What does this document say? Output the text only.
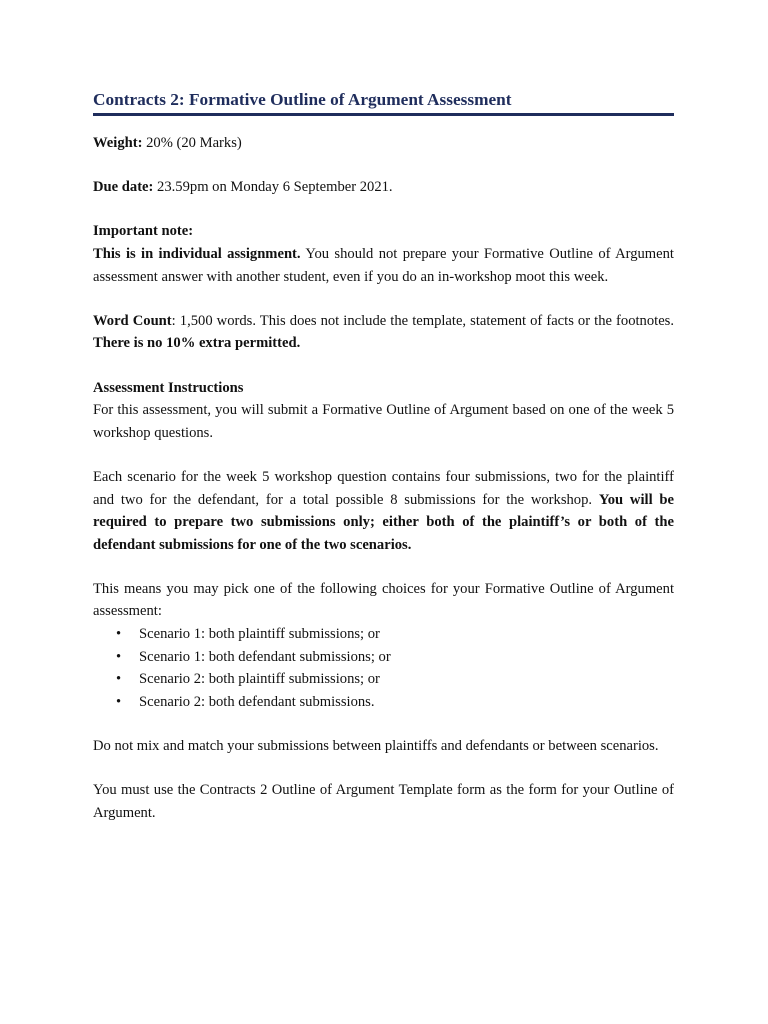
Contracts 2: Formative Outline of Argument Assessment

Weight: 20% (20 Marks)

Due date: 23.59pm on Monday 6 September 2021.

Important note:

This is in individual assignment. You should not prepare your Formative Outline of Argument assessment answer with another student, even if you do an in-workshop moot this week.

Word Count: 1,500 words. This does not include the template, statement of facts or the footnotes. There is no 10% extra permitted.

Assessment Instructions

For this assessment, you will submit a Formative Outline of Argument based on one of the week 5 workshop questions.

Each scenario for the week 5 workshop question contains four submissions, two for the plaintiff and two for the defendant, for a total possible 8 submissions for the workshop. You will be required to prepare two submissions only; either both of the plaintiff’s or both of the defendant submissions for one of the two scenarios.

This means you may pick one of the following choices for your Formative Outline of Argument assessment:

• Scenario 1: both plaintiff submissions; or
• Scenario 1: both defendant submissions; or
• Scenario 2: both plaintiff submissions; or
• Scenario 2: both defendant submissions.

Do not mix and match your submissions between plaintiffs and defendants or between scenarios.

You must use the Contracts 2 Outline of Argument Template form as the form for your Outline of Argument.
